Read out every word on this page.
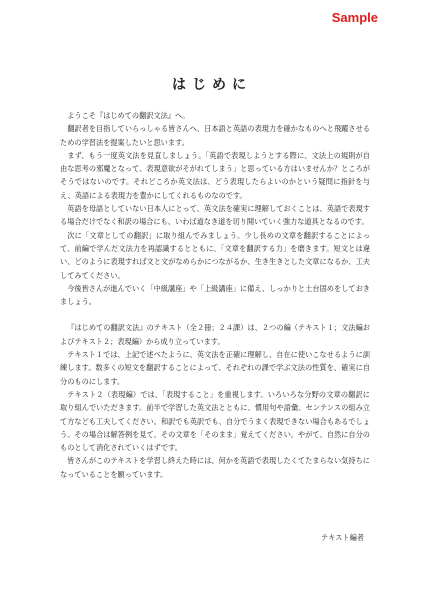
Sample
はじめに

ようこそ『はじめての翻訳文法』へ。

翻訳者を目指していらっしゃる皆さんへ、日本語と英語の表現力を確かなものへと飛躍させるための学習法を提案したいと思います。

まず、もう一度英文法を見直しましょう。「英語で表現しようとする際に、文法上の規則が自由な思考の邪魔となって、表現意欲がそがれてしまう」と思っている方はいませんか？ところがそうではないのです。それどころか英文法は、どう表現したらよいのかという疑問に指針を与え、英語による表現力を豊かにしてくれるものなのです。

英語を母語としていない日本人にとって、英文法を確実に理解しておくことは、英語で表現する場合だけでなく和訳の場合にも、いわば道なき道を切り開いていく強力な道具となるのです。

次に「文章としての翻訳」に取り組んでみましょう。少し長めの文章を翻訳することによって、前編で学んだ文法力を再認識するとともに、「文章を翻訳する力」を磨きます。短文とは違い、どのように表現すれば文と文がなめらかにつながるか、生き生きとした文章になるか、工夫してみてください。

今後皆さんが進んでいく「中級講座」や「上級講座」に備え、しっかりと土台固めをしておきましょう。

『はじめての翻訳文法』のテキスト（全２冊；２４課）は、２つの編（テキスト１；文法編およびテキスト２；表現編）から成り立っています。

テキスト１では、上記で述べたように、英文法を正確に理解し、自在に使いこなせるように訓練します。数多くの短文を翻訳することによって、それぞれの課で学ぶ文法の性質を、確実に自分のものにします。

テキスト２（表現編）では、「表現すること」を重視します。いろいろな分野の文章の翻訳に取り組んでいただきます。前半で学習した英文法とともに、慣用句や語彙、センテンスの組み立て方なども工夫してください。和訳でも英訳でも、自分でうまく表現できない場合もあるでしょう。その場合は解答例を見て、その文章を「そのまま」覚えてください。やがて、自然に自分のものとして消化されていくはずです。

皆さんがこのテキストを学習し終えた時には、何かを英語で表現したくてたまらない気持ちになっていることを願っています。

テキスト編者
